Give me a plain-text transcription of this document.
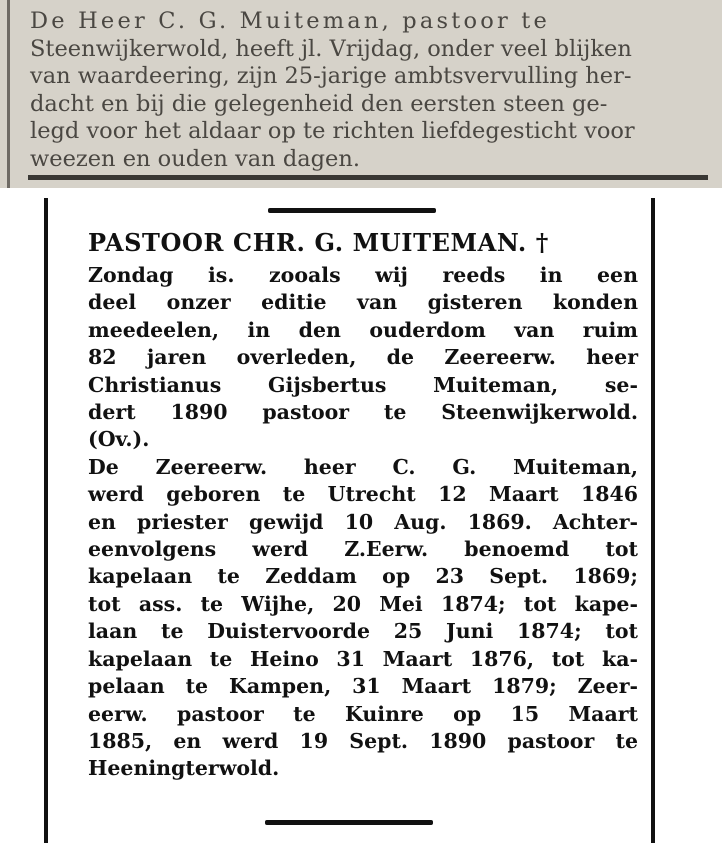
De Heer C. G. Muiteman, pastoor te
Steenwijkerwold, heeft jl. Vrijdag, onder veel blijken
van waardeering, zijn 25-jarige ambtsvervulling her-
dacht en bij die gelegenheid den eersten steen ge-
legd voor het aldaar op te richten liefdegesticht voor
weezen en ouden van dagen.
PASTOOR CHR. G. MUITEMAN. †
Zondag is. zooals wij reeds in een
deel onzer editie van gisteren konden
meedeelen, in den ouderdom van ruim
82 jaren overleden, de Zeereerw. heer
Christianus Gijsbertus Muiteman, se-
dert 1890 pastoor te Steenwijkerwold.
(Ov.).
De Zeereerw. heer C. G. Muiteman,
werd geboren te Utrecht 12 Maart 1846
en priester gewijd 10 Aug. 1869. Achter-
eenvolgens werd Z.Eerw. benoemd tot
kapelaan te Zeddam op 23 Sept. 1869;
tot ass. te Wijhe, 20 Mei 1874; tot kape-
laan te Duistervoorde 25 Juni 1874; tot
kapelaan te Heino 31 Maart 1876, tot ka-
pelaan te Kampen, 31 Maart 1879; Zeer-
eerw. pastoor te Kuinre op 15 Maart
1885, en werd 19 Sept. 1890 pastoor te
Heeningterwold.
